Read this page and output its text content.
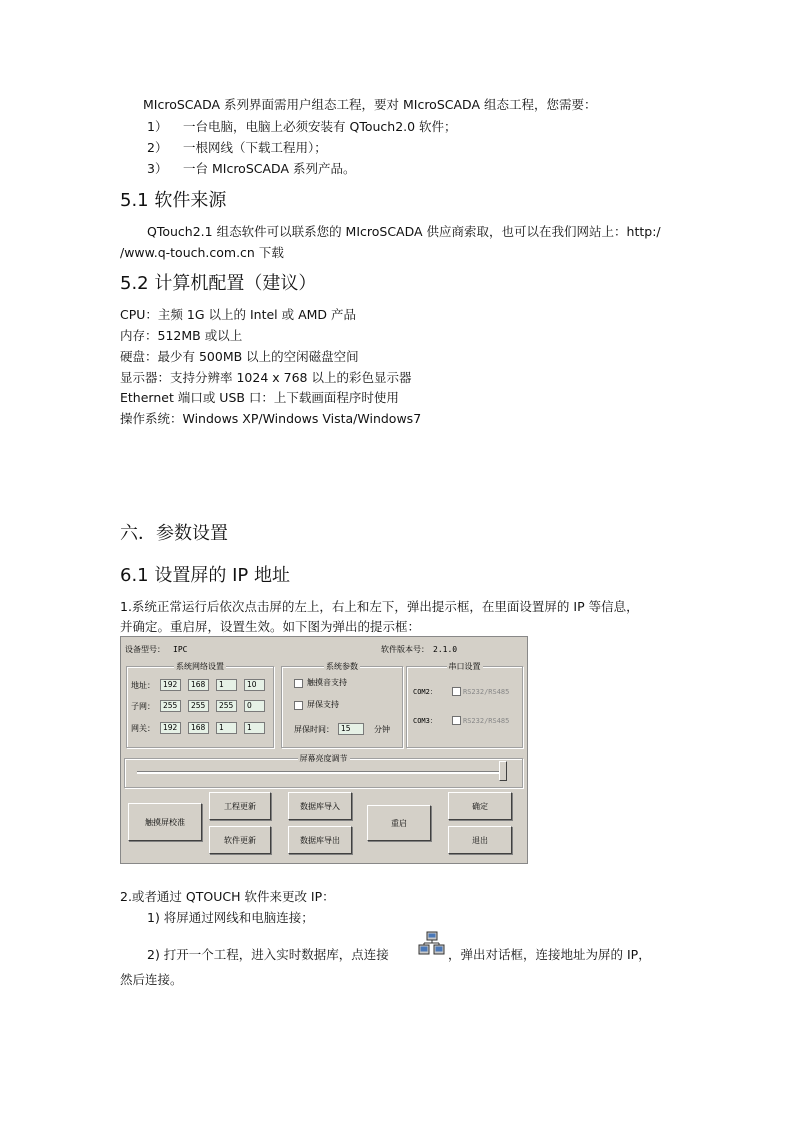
MIcroSCADA 系列界面需用户组态工程，要对 MIcroSCADA 组态工程，您需要：
1） 一台电脑，电脑上必须安装有 QTouch2.0 软件；
2） 一根网线（下载工程用）；
3） 一台 MIcroSCADA 系列产品。
5.1 软件来源
QTouch2.1 组态软件可以联系您的 MIcroSCADA 供应商索取，也可以在我们网站上：http:/
/www.q-touch.com.cn 下载
5.2 计算机配置（建议）
CPU：主频 1G 以上的 Intel 或 AMD 产品
内存：512MB 或以上
硬盘：最少有 500MB 以上的空闲磁盘空间
显示器：支持分辨率 1024 x 768 以上的彩色显示器
Ethernet 端口或 USB 口：上下载画面程序时使用
操作系统：Windows XP/Windows Vista/Windows7
六．参数设置
6.1 设置屏的 IP 地址
1.系统正常运行后依次点击屏的左上，右上和左下，弹出提示框，在里面设置屏的 IP 等信息，
并确定。重启屏，设置生效。如下图为弹出的提示框：
设备型号： IPC	软件版本号： 2.1.0
系统网络设置
地址：	192	168	1	10
子网：	255	255	255	0
网关：	192	168	1	1
系统参数
触摸音支持
屏保支持
屏保时间： 15	分钟
串口设置
COM2：	RS232/RS485
COM3：	RS232/RS485
屏幕亮度调节
触摸屏校准
工程更新
软件更新
数据库导入
数据库导出
重启
确定
退出
2.或者通过 QTOUCH 软件来更改 IP：
1) 将屏通过网线和电脑连接；
2) 打开一个工程，进入实时数据库，点连接	，弹出对话框，连接地址为屏的 IP，
然后连接。
